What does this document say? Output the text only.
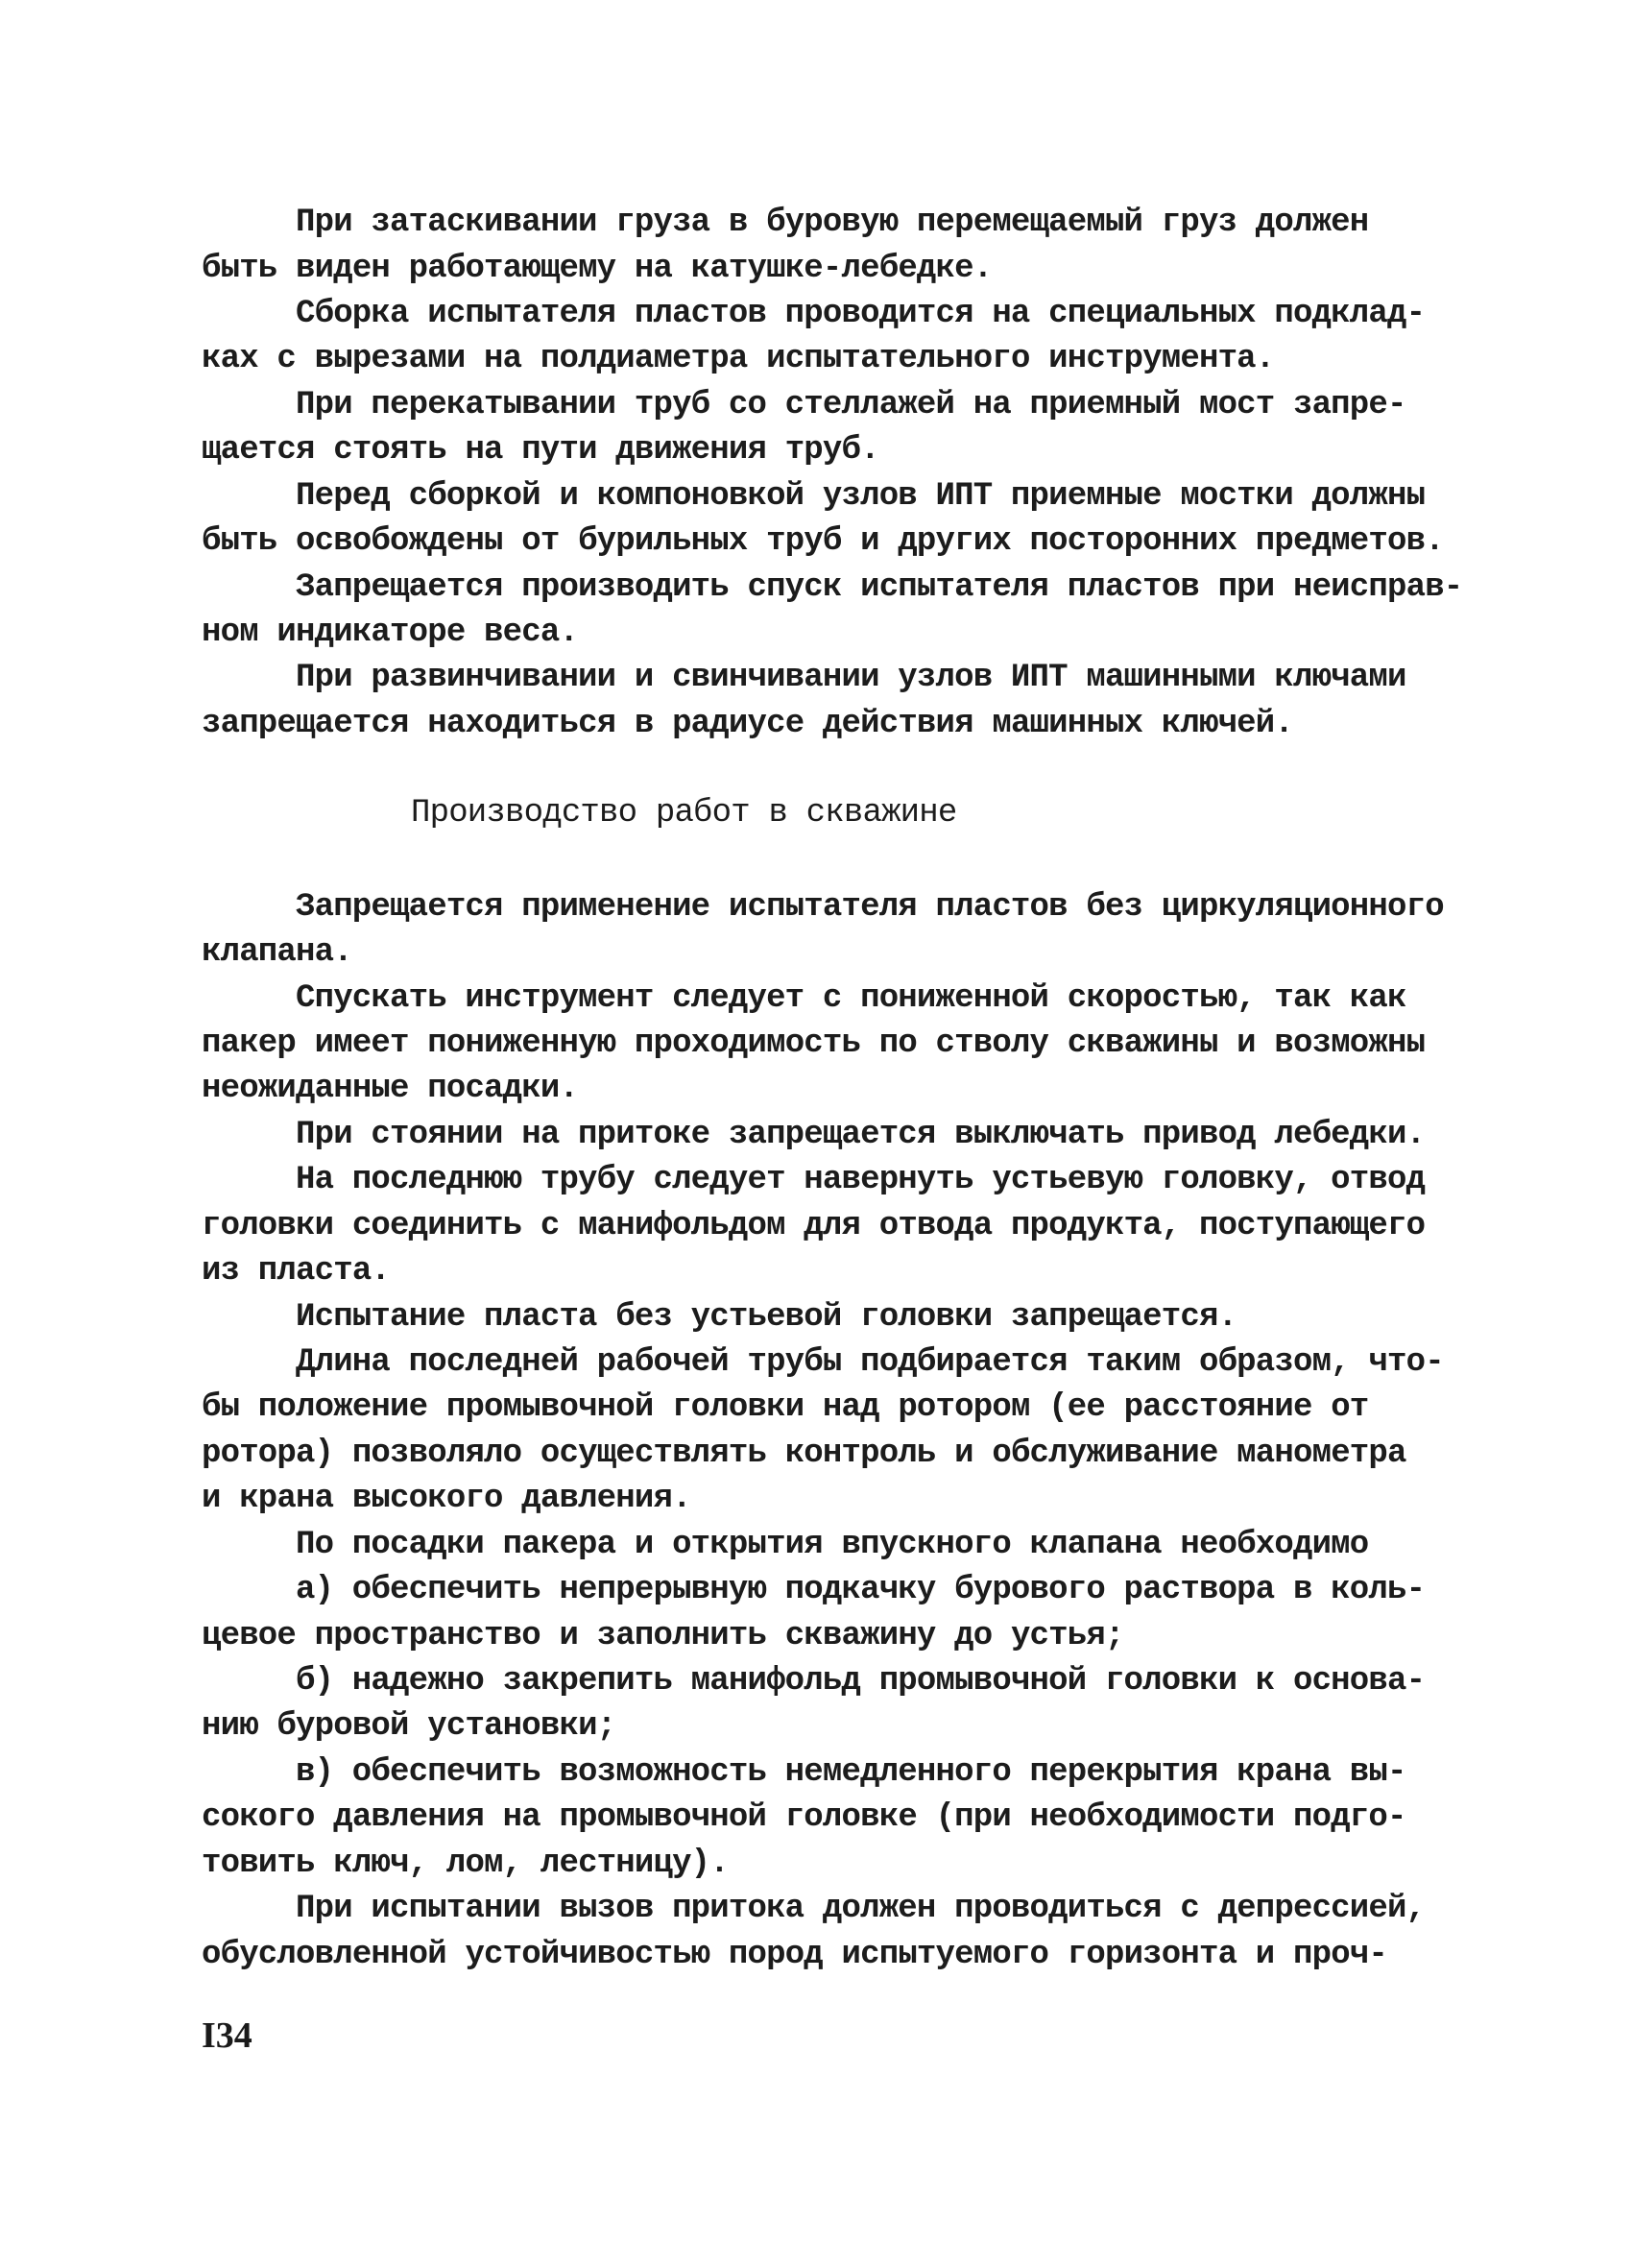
При затаскивании груза в буровую перемещаемый груз должен
быть виден работающему на катушке-лебедке.
Сборка испытателя пластов проводится на специальных подклад-
ках с вырезами на полдиаметра испытательного инструмента.
При перекатывании труб со стеллажей на приемный мост запре-
щается стоять на пути движения труб.
Перед сборкой и компоновкой узлов ИПТ приемные мостки должны
быть освобождены от бурильных труб и других посторонних предметов.
Запрещается производить спуск испытателя пластов при неисправ-
ном индикаторе веса.
При развинчивании и свинчивании узлов ИПТ машинными ключами
запрещается находиться в радиусе действия машинных ключей.
Производство работ в скважине
Запрещается применение испытателя пластов без циркуляционного
клапана.
Спускать инструмент следует с пониженной скоростью, так как
пакер имеет пониженную проходимость по стволу скважины и возможны
неожиданные посадки.
При стоянии на притоке запрещается выключать привод лебедки.
На последнюю трубу следует навернуть устьевую головку, отвод
головки соединить с манифольдом для отвода продукта, поступающего
из пласта.
Испытание пласта без устьевой головки запрещается.
Длина последней рабочей трубы подбирается таким образом, что-
бы положение промывочной головки над ротором (ее расстояние от
ротора) позволяло осуществлять контроль и обслуживание манометра
и крана высокого давления.
По посадки пакера и открытия впускного клапана необходимо
а) обеспечить непрерывную подкачку бурового раствора в коль-
цевое пространство и заполнить скважину до устья;
б) надежно закрепить манифольд промывочной головки к основа-
нию буровой установки;
в) обеспечить возможность немедленного перекрытия крана вы-
сокого давления на промывочной головке (при необходимости подго-
товить ключ, лом, лестницу).
При испытании вызов притока должен проводиться с депрессией,
обусловленной устойчивостью пород испытуемого горизонта и проч-
I34
